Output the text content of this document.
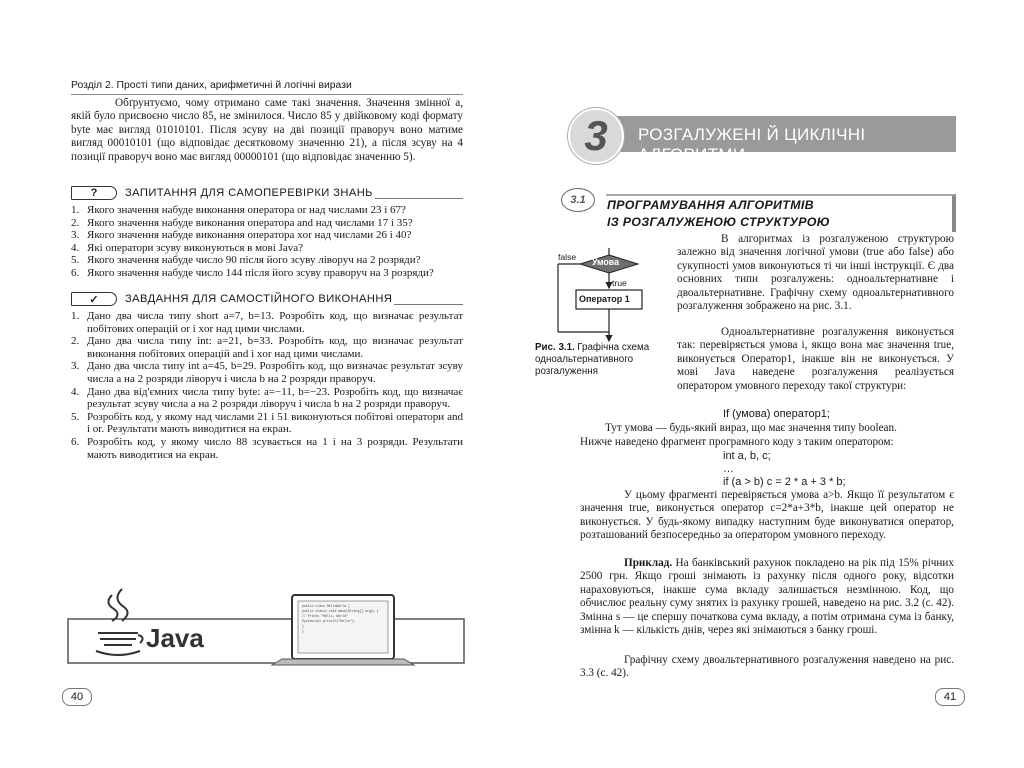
Розділ 2. Прості типи даних, арифметичні й логічні вирази
Обґрунтуємо, чому отримано саме такі значення. Значення змінної a, якій було присвоєно число 85, не змінилося. Число 85 у двійковому коді формату byte має вигляд 01010101. Після зсуву на дві позиції праворуч воно матиме вигляд 00010101 (що відповідає десятковому значенню 21), а після зсуву на 4 позиції праворуч воно має вигляд 00000101 (що відповідає значенню 5).
?	ЗАПИТАННЯ ДЛЯ САМОПЕРЕВІРКИ ЗНАНЬ
1. Якого значення набуде виконання оператора or над числами 23 і 67?
2. Якого значення набуде виконання оператора and над числами 17 і 35?
3. Якого значення набуде виконання оператора xor над числами 26 і 40?
4. Які оператори зсуву виконуються в мові Java?
5. Якого значення набуде число 90 після його зсуву ліворуч на 2 розряди?
6. Якого значення набуде число 144 після його зсуву праворуч на 3 розряди?
✓	ЗАВДАННЯ ДЛЯ САМОСТІЙНОГО ВИКОНАННЯ
1. Дано два числа типу short a=7, b=13. Розробіть код, що визначає результат побітових операцій or і xor над цими числами.
2. Дано два числа типу int: a=21, b=33. Розробіть код, що визначає результат виконання побітових операцій and і xor над цими числами.
3. Дано два числа типу int a=45, b=29. Розробіть код, що визначає результат зсуву числа a на 2 розряди ліворуч і числа b на 2 розряди праворуч.
4. Дано два від'ємних числа типу byte: a=−11, b=−23. Розробіть код, що визначає результат зсуву числа a на 2 розряди ліворуч і числа b на 2 розряди праворуч.
5. Розробіть код, у якому над числами 21 і 51 виконуються побітові оператори and і or. Результати мають виводитися на екран.
6. Розробіть код, у якому число 88 зсувається на 1 і на 3 розряди. Результати мають виводитися на екран.
Java
public class HelloWorld {
public static void main(String[] args) {
// Prints "Hello, World"
System.out.println("Hello");
}
}
40
3 РОЗГАЛУЖЕНІ Й ЦИКЛІЧНІ АЛГОРИТМИ
3.1 ПРОГРАМУВАННЯ АЛГОРИТМІВ
ІЗ РОЗГАЛУЖЕНОЮ СТРУКТУРОЮ
false Умова
true
Оператор 1
Рис. 3.1. Графічна схема одноальтернативного розгалуження
В алгоритмах із розгалуженою структурою залежно від значення логічної умови (true або false) або сукупності умов виконуються ті чи інші інструкції. Є два основних типи розгалужень: одноальтернативне і двоальтернативне. Графічну схему одноальтернативного розгалуження зображено на рис. 3.1.
Одноальтернативне розгалуження виконується так: перевіряється умова і, якщо вона має значення true, виконується Оператор1, інакше він не виконується. У мові Java наведене розгалуження реалізується оператором умовного переходу такої структури:
If (умова) оператор1;
Тут умова — будь-який вираз, що має значення типу boolean.
Нижче наведено фрагмент програмного коду з таким оператором:
int a, b, c;
…
if (a > b) c = 2 * a + 3 * b;
У цьому фрагменті перевіряється умова a>b. Якщо її результатом є значення true, виконується оператор c=2*a+3*b, інакше цей оператор не виконується. У будь-якому випадку наступним буде виконуватися оператор, розташований безпосередньо за оператором умовного переходу.
Приклад. На банківський рахунок покладено на рік під 15% річних 2500 грн. Якщо гроші знімають із рахунку після одного року, відсотки нараховуються, інакше сума вкладу залишається незмінною. Код, що обчислює реальну суму знятих із рахунку грошей, наведено на рис. 3.2 (с. 42). Змінна s — це спершу початкова сума вкладу, а потім отримана сума із банку, змінна k — кількість днів, через які знімаються з банку гроші.
Графічну схему двоальтернативного розгалуження наведено на рис. 3.3 (с. 42).
41
